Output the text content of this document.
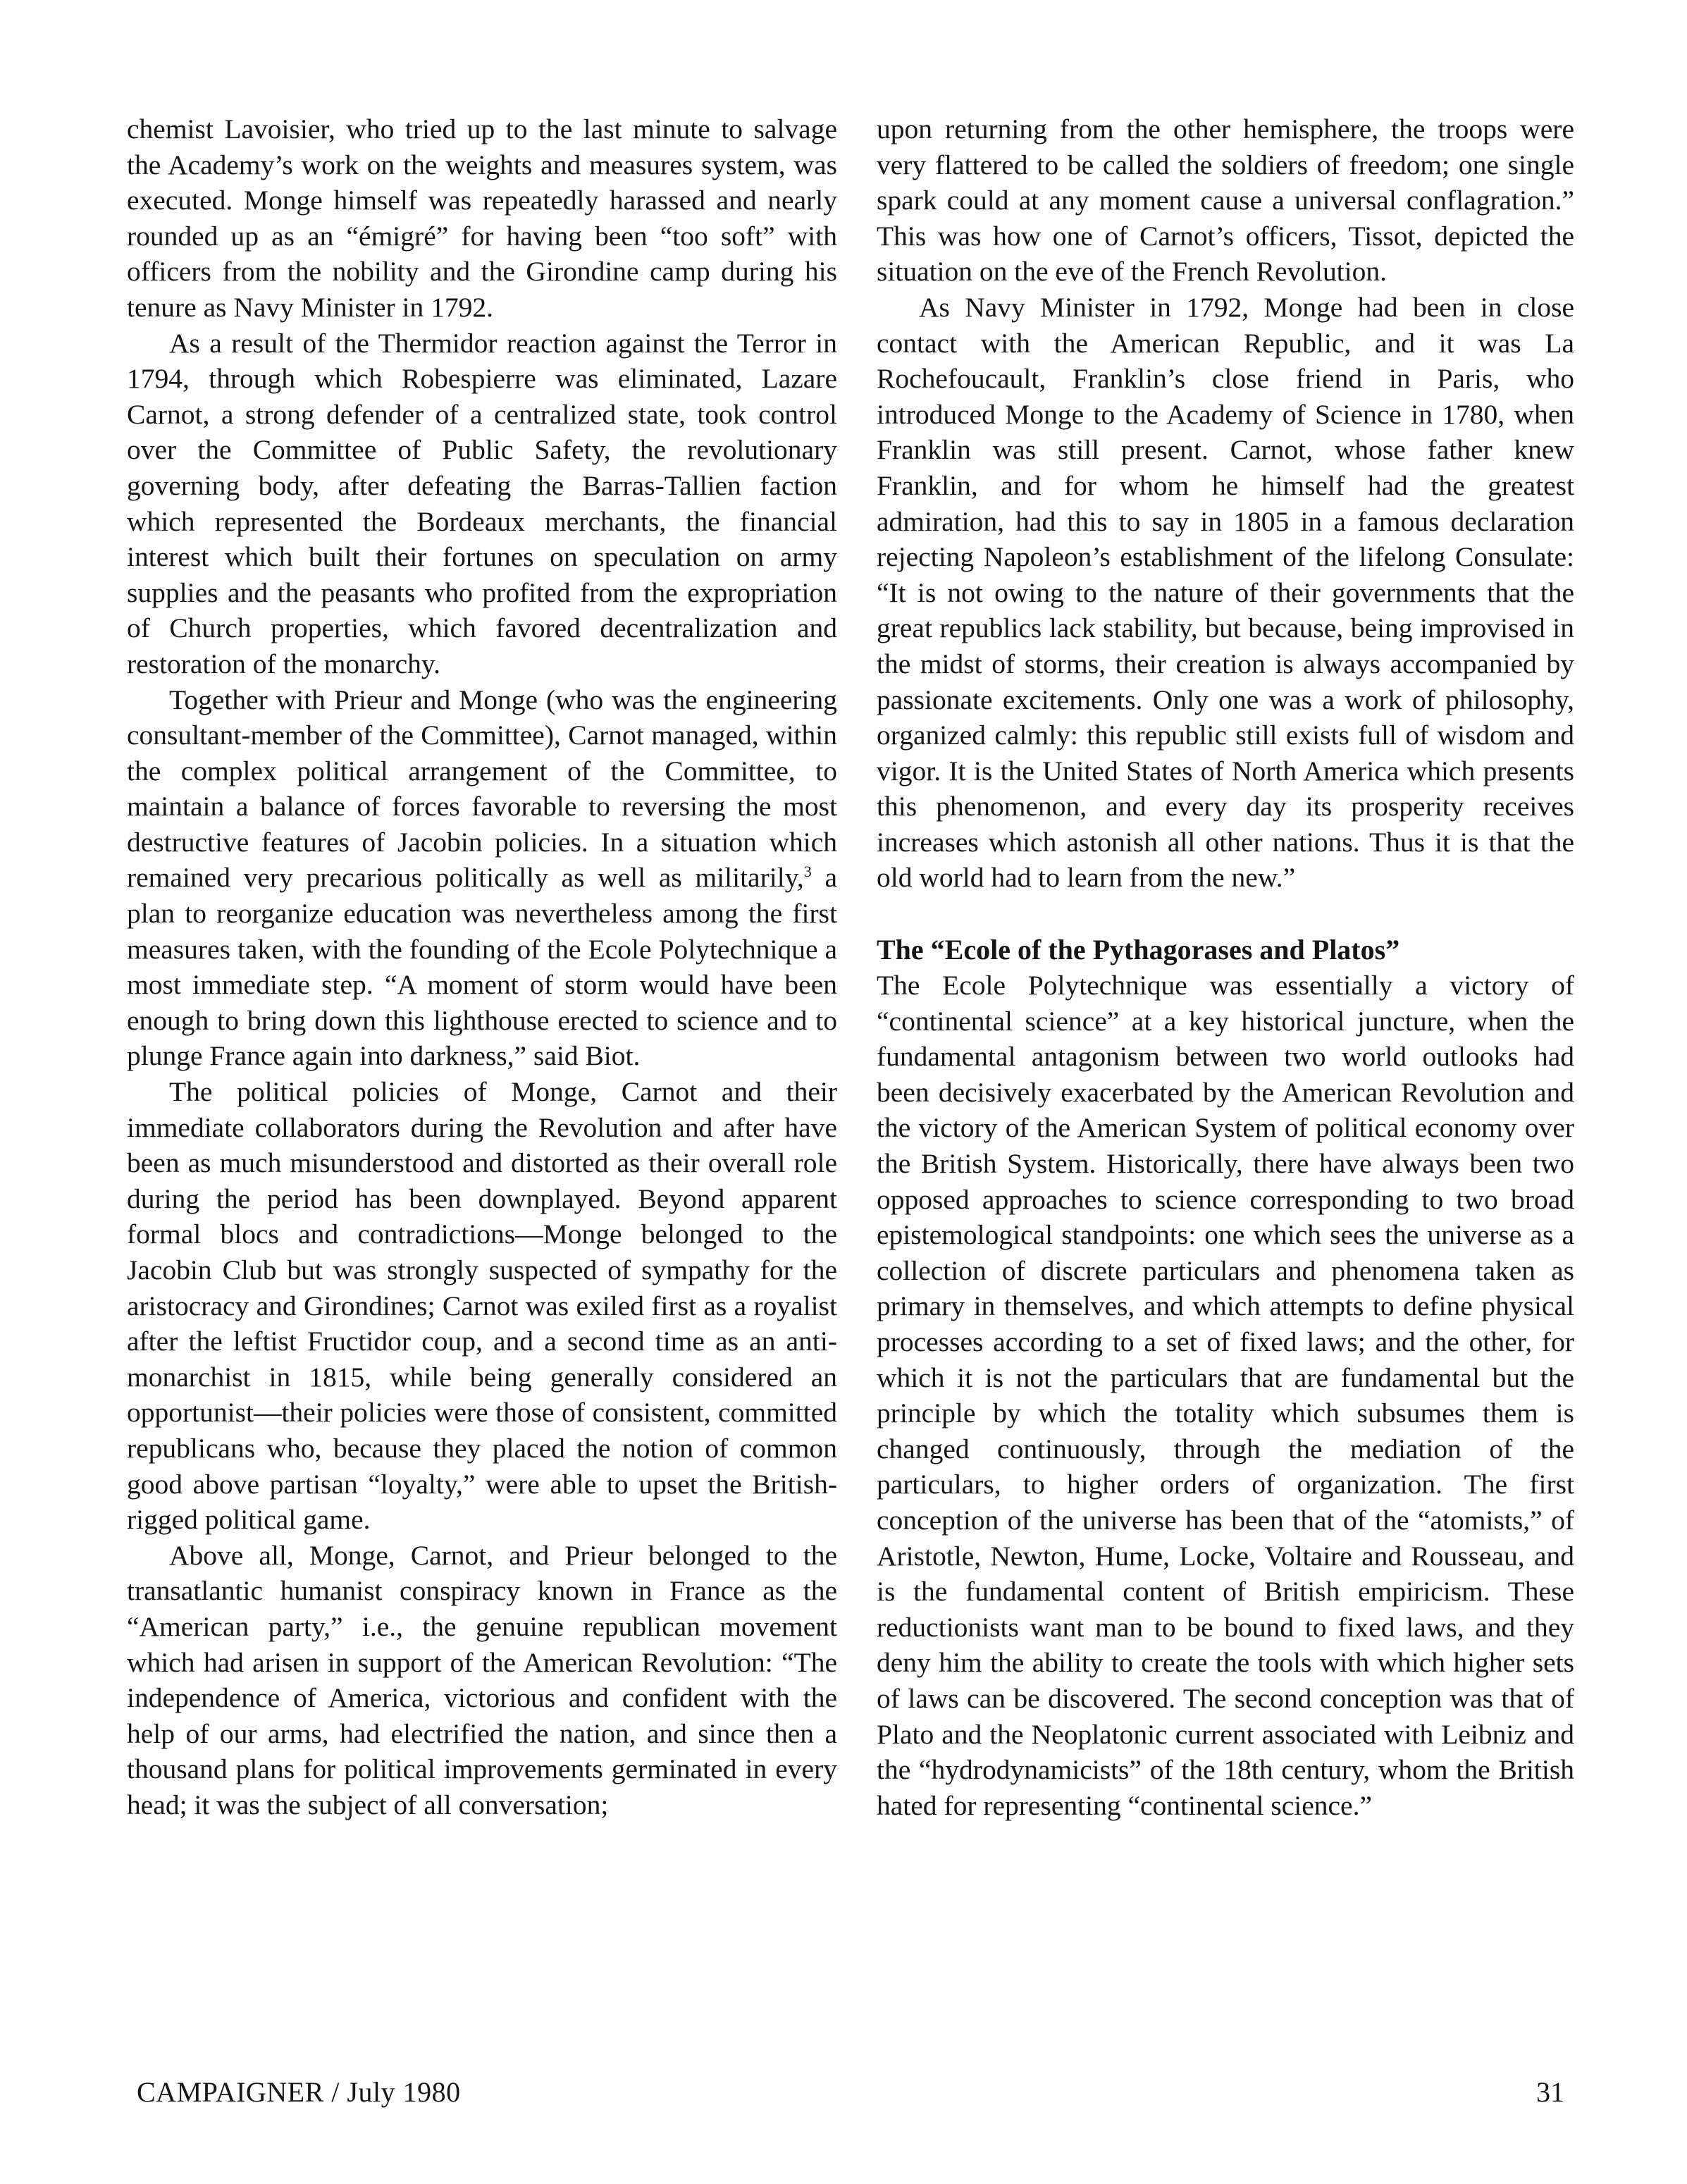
chemist Lavoisier, who tried up to the last minute to salvage the Academy’s work on the weights and measures system, was executed. Monge himself was repeatedly harassed and nearly rounded up as an “émigré” for having been “too soft” with officers from the nobility and the Girondine camp during his tenure as Navy Minister in 1792.

As a result of the Thermidor reaction against the Terror in 1794, through which Robespierre was eliminated, Lazare Carnot, a strong defender of a centralized state, took control over the Committee of Public Safety, the revolutionary governing body, after defeating the Barras-Tallien faction which represented the Bordeaux merchants, the financial interest which built their fortunes on speculation on army supplies and the peasants who profited from the expropriation of Church properties, which favored decentralization and restoration of the monarchy.

Together with Prieur and Monge (who was the engineering consultant-member of the Committee), Carnot managed, within the complex political arrangement of the Committee, to maintain a balance of forces favorable to reversing the most destructive features of Jacobin policies. In a situation which remained very precarious politically as well as militarily,$^3$ a plan to reorganize education was nevertheless among the first measures taken, with the founding of the Ecole Polytechnique a most immediate step. “A moment of storm would have been enough to bring down this lighthouse erected to science and to plunge France again into darkness,” said Biot.

The political policies of Monge, Carnot and their immediate collaborators during the Revolution and after have been as much misunderstood and distorted as their overall role during the period has been downplayed. Beyond apparent formal blocs and contradictions—Monge belonged to the Jacobin Club but was strongly suspected of sympathy for the aristocracy and Girondines; Carnot was exiled first as a royalist after the leftist Fructidor coup, and a second time as an anti-monarchist in 1815, while being generally considered an opportunist—their policies were those of consistent, committed republicans who, because they placed the notion of common good above partisan “loyalty,” were able to upset the British-rigged political game.

Above all, Monge, Carnot, and Prieur belonged to the transatlantic humanist conspiracy known in France as the “American party,” i.e., the genuine republican movement which had arisen in support of the American Revolution: “The independence of America, victorious and confident with the help of our arms, had electrified the nation, and since then a thousand plans for political improvements germinated in every head; it was the subject of all conversation;

upon returning from the other hemisphere, the troops were very flattered to be called the soldiers of freedom; one single spark could at any moment cause a universal conflagration.” This was how one of Carnot’s officers, Tissot, depicted the situation on the eve of the French Revolution.

As Navy Minister in 1792, Monge had been in close contact with the American Republic, and it was La Rochefoucault, Franklin’s close friend in Paris, who introduced Monge to the Academy of Science in 1780, when Franklin was still present. Carnot, whose father knew Franklin, and for whom he himself had the greatest admiration, had this to say in 1805 in a famous declaration rejecting Napoleon’s establishment of the lifelong Consulate: “It is not owing to the nature of their governments that the great republics lack stability, but because, being improvised in the midst of storms, their creation is always accompanied by passionate excitements. Only one was a work of philosophy, organized calmly: this republic still exists full of wisdom and vigor. It is the United States of North America which presents this phenomenon, and every day its prosperity receives increases which astonish all other nations. Thus it is that the old world had to learn from the new.”

The “Ecole of the Pythagorases and Platos”

The Ecole Polytechnique was essentially a victory of “continental science” at a key historical juncture, when the fundamental antagonism between two world outlooks had been decisively exacerbated by the American Revolution and the victory of the American System of political economy over the British System. Historically, there have always been two opposed approaches to science corresponding to two broad epistemological standpoints: one which sees the universe as a collection of discrete particulars and phenomena taken as primary in themselves, and which attempts to define physical processes according to a set of fixed laws; and the other, for which it is not the particulars that are fundamental but the principle by which the totality which subsumes them is changed continuously, through the mediation of the particulars, to higher orders of organization. The first conception of the universe has been that of the “atomists,” of Aristotle, Newton, Hume, Locke, Voltaire and Rousseau, and is the fundamental content of British empiricism. These reductionists want man to be bound to fixed laws, and they deny him the ability to create the tools with which higher sets of laws can be discovered. The second conception was that of Plato and the Neoplatonic current associated with Leibniz and the “hydrodynamicists” of the 18th century, whom the British hated for representing “continental science.”

CAMPAIGNER / July 1980	31
